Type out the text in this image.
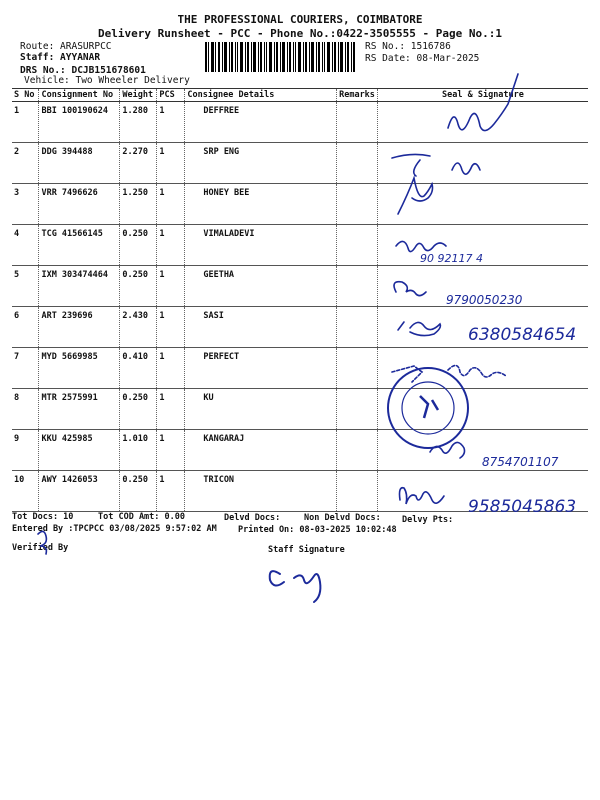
THE PROFESSIONAL COURIERS, COIMBATORE
Delivery Runsheet - PCC - Phone No.:0422-3505555 - Page No.:1
Route: ARASURPCC
Staff: AYYANAR
DRS No.: DCJB151678601
Vehicle: Two Wheeler Delivery
RS No.: 1516786
RS Date: 08-Mar-2025
S No	Consignment No	Weight	PCS	Consignee Details	Remarks	Seal & Signature
1	BBI 100190624	1.280	1	DEFFREE		
2	DDG 394488	2.270	1	SRP ENG		
3	VRR 7496626	1.250	1	HONEY BEE		
4	TCG 41566145	0.250	1	VIMALADEVI		
5	IXM 303474464	0.250	1	GEETHA		
6	ART 239696	2.430	1	SASI		
7	MYD 5669985	0.410	1	PERFECT		
8	MTR 2575991	0.250	1	KU		
9	KKU 425985	1.010	1	KANGARAJ		
10	AWY 1426053	0.250	1	TRICON		
Tot Docs: 10	Tot COD Amt: 0.00	Delvd Docs:	Non Delvd Docs: Delvy Pts:
Entered By :TPCPCC 03/08/2025 9:57:02 AM	Printed On: 08-03-2025 10:02:48
Verified By	Staff Signature
90 92117 4
9790050230
6380584654
8754701107
9585045863
